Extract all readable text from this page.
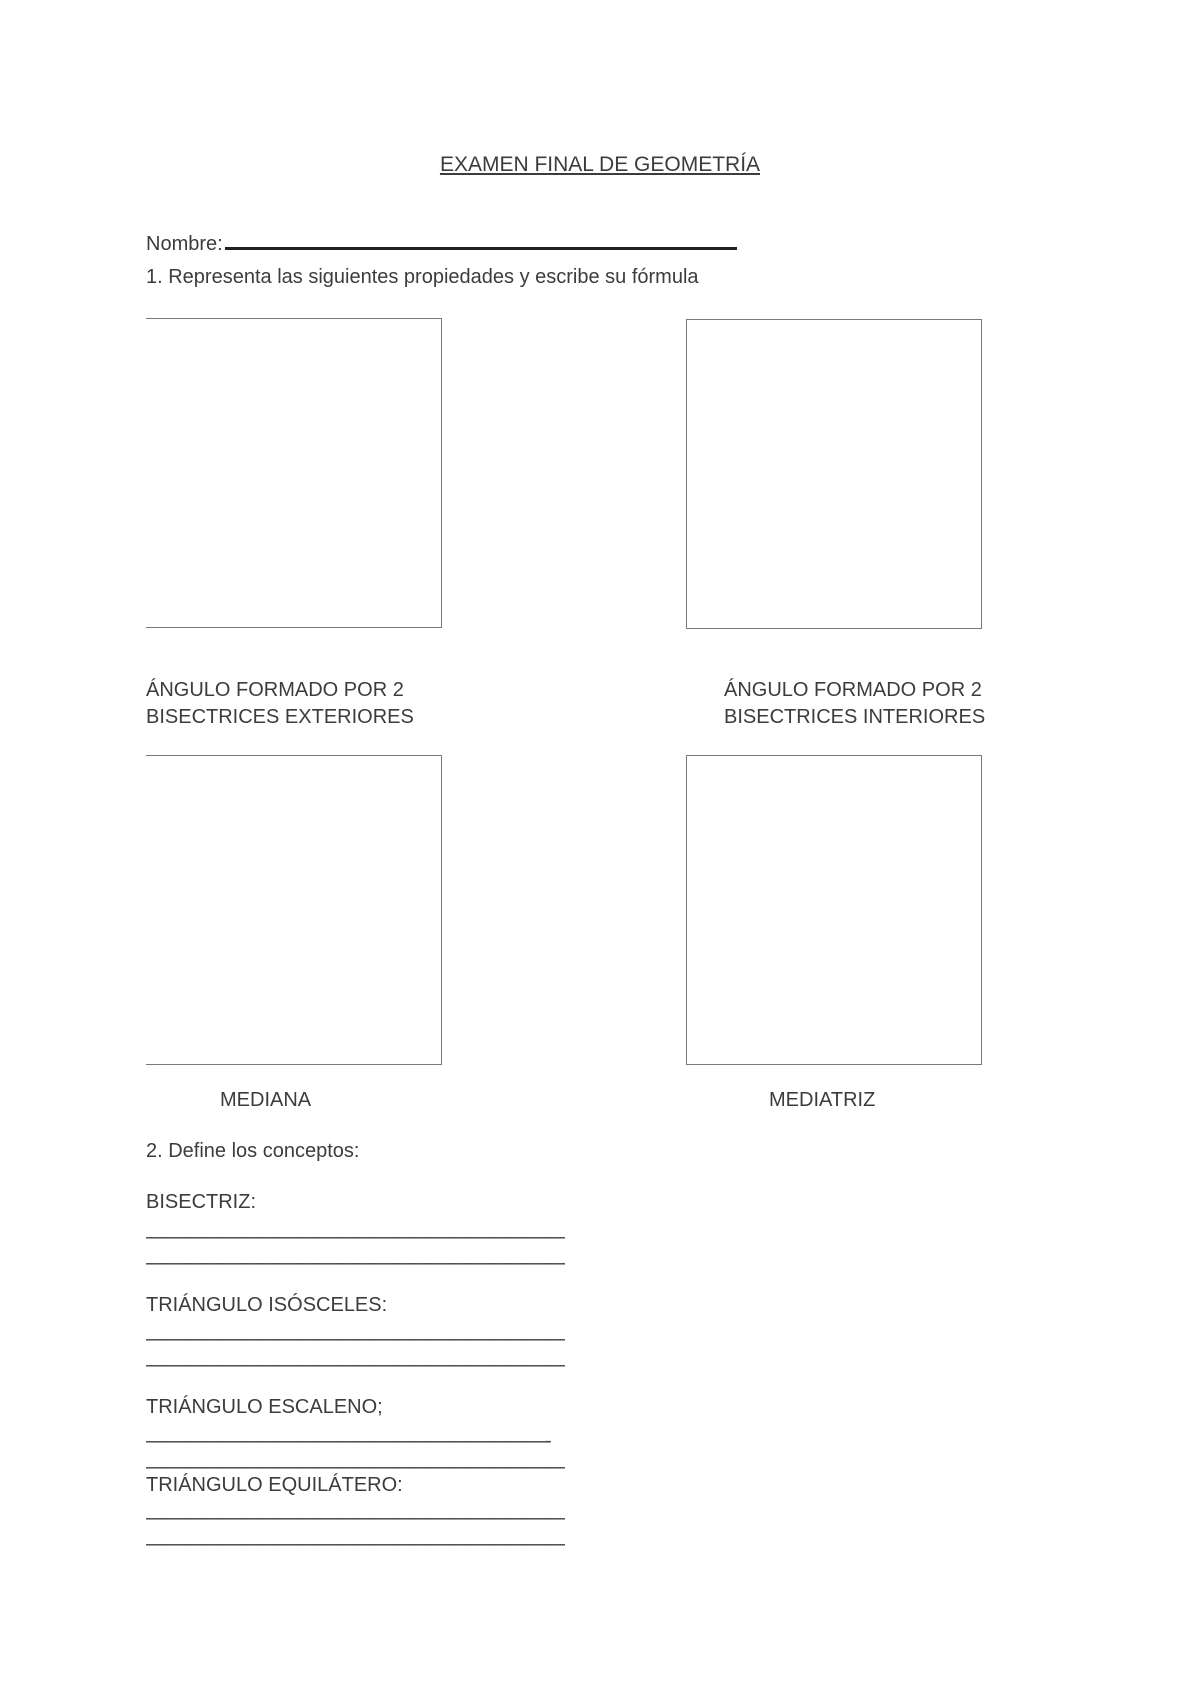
EXAMEN FINAL DE GEOMETRÍA
Nombre:
1. Representa las siguientes propiedades y escribe su fórmula
ÁNGULO FORMADO POR 2
BISECTRICES EXTERIORES
ÁNGULO FORMADO POR 2
BISECTRICES INTERIORES
MEDIANA	MEDIATRIZ
2. Define los conceptos:
BISECTRIZ:
——————————————————————
——————————————————————
TRIÁNGULO ISÓSCELES:
——————————————————————
——————————————————————
TRIÁNGULO ESCALENO;
—————————————————————-
——————————————————————
TRIÁNGULO EQUILÁTERO:
——————————————————————
——————————————————————
